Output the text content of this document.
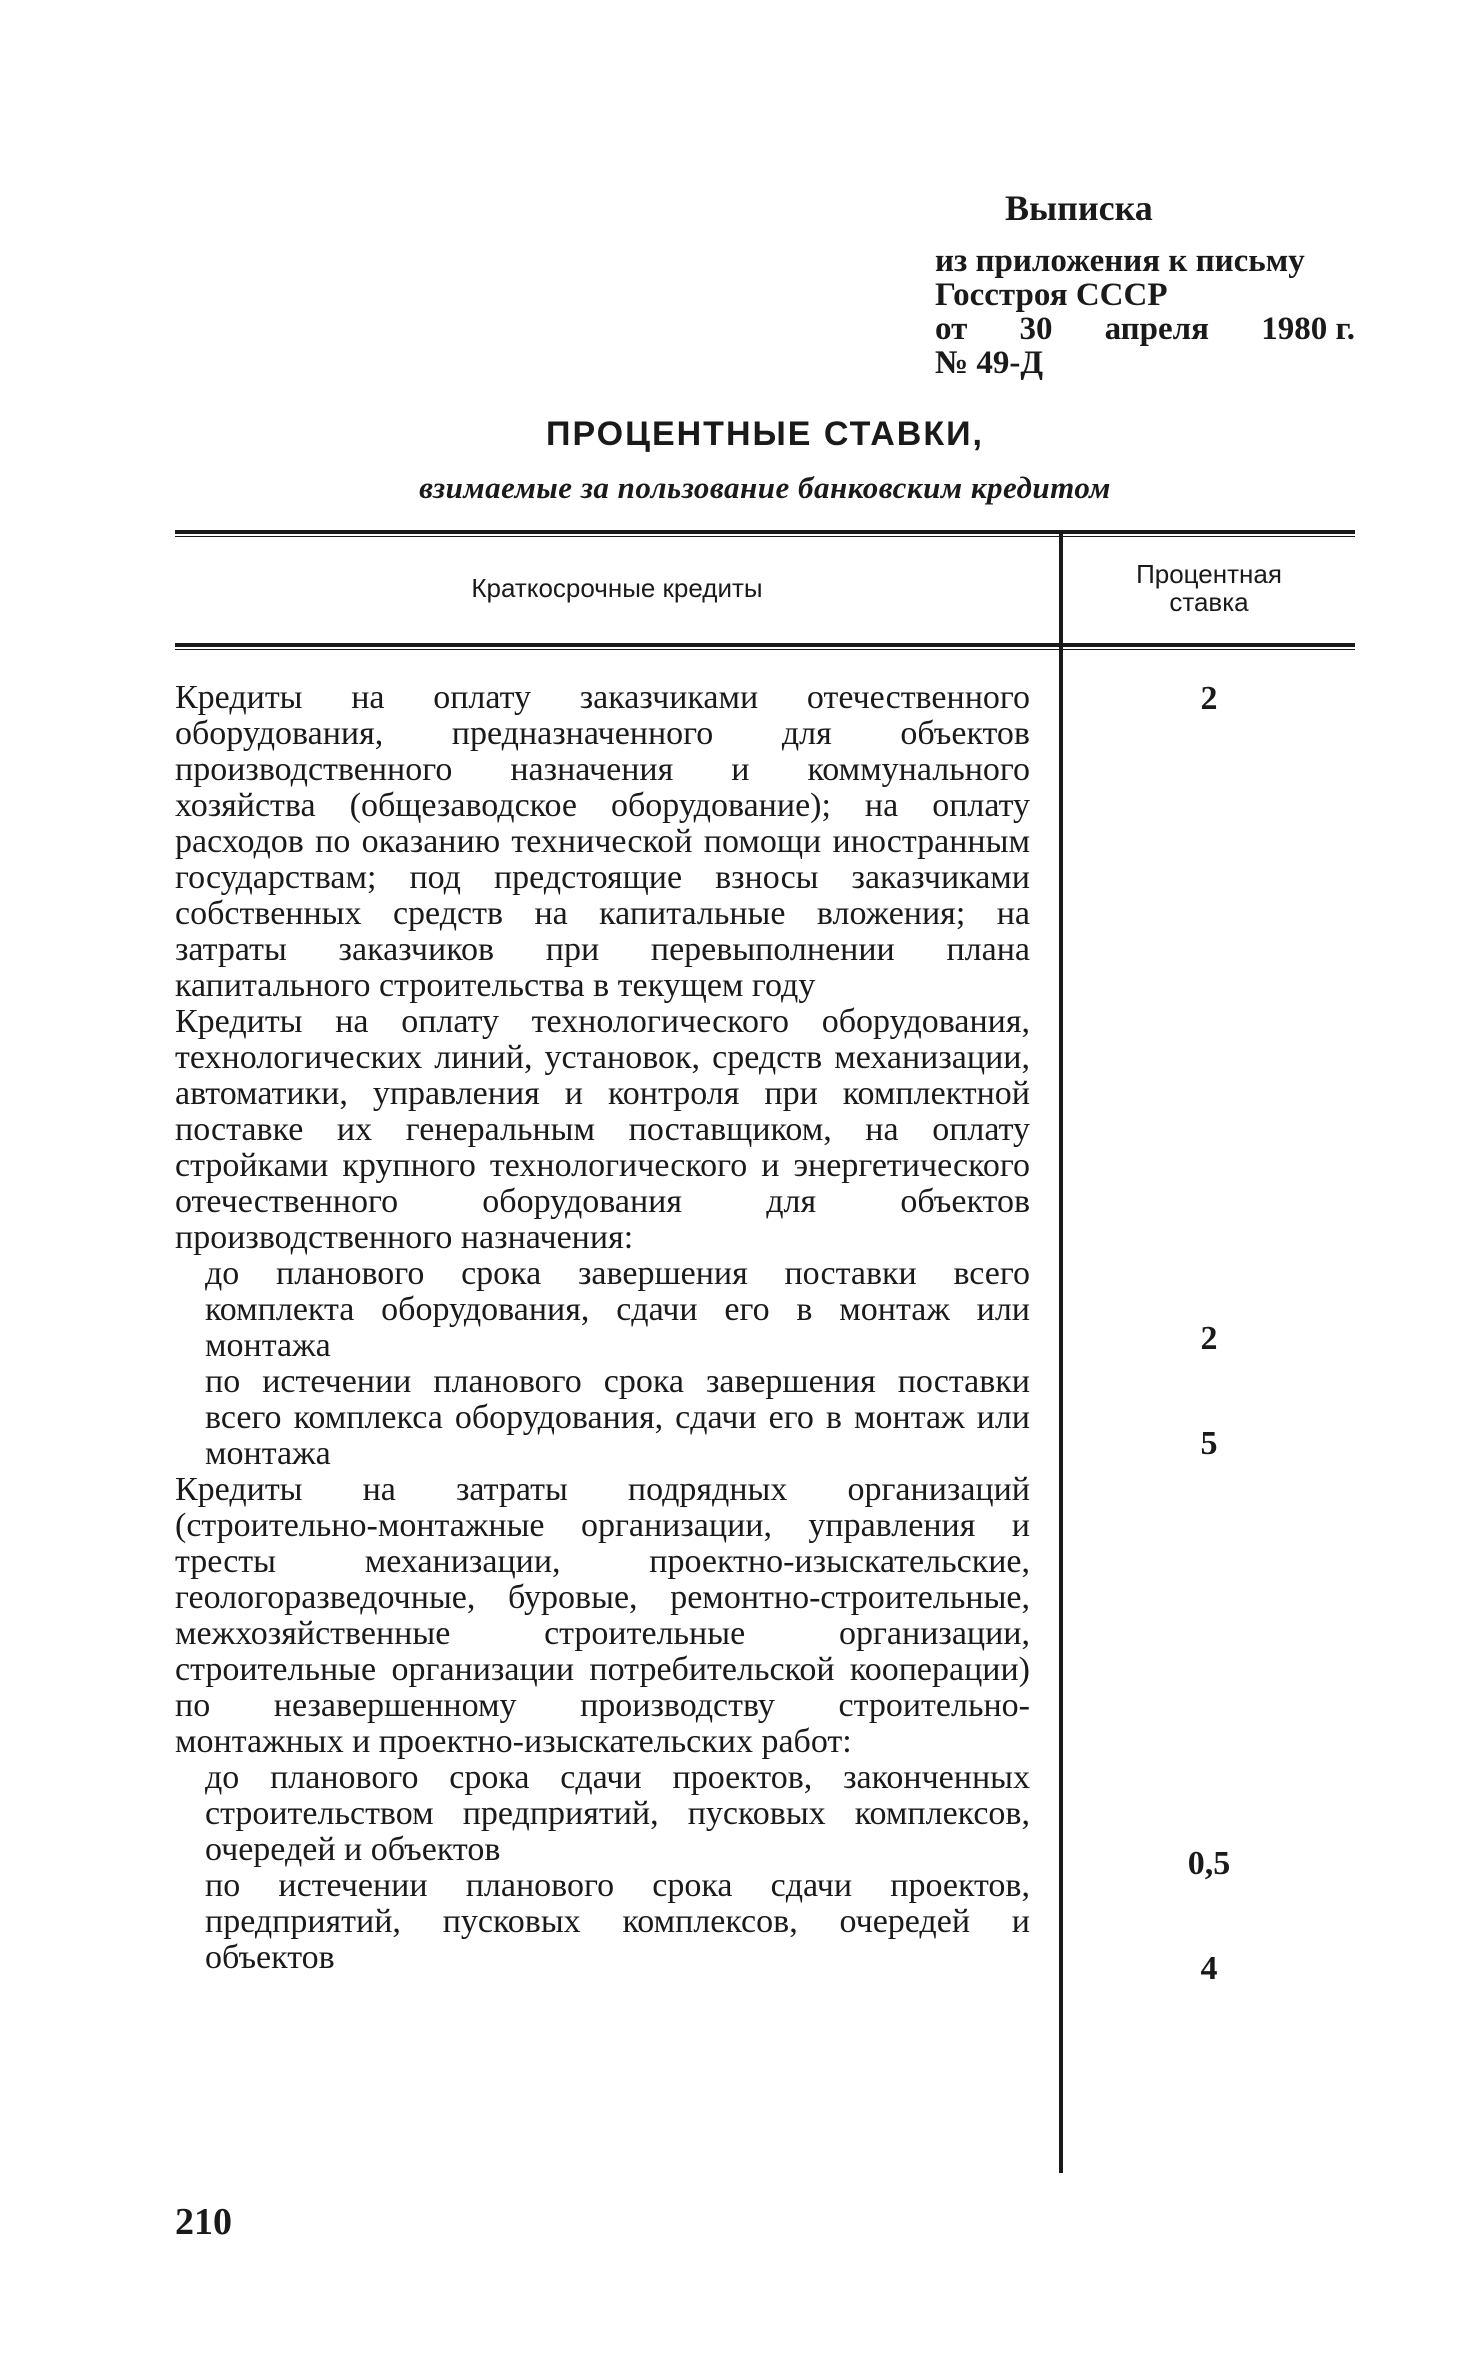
Выписка
из приложения к письму
Госстроя СССР
от 30 апреля 1980 г.
№ 49-Д
ПРОЦЕНТНЫЕ СТАВКИ,
взимаемые за пользование банковским кредитом
Краткосрочные кредиты	Процентная
ставка
Кредиты на оплату заказчиками отечественного оборудования, предназначенного для объектов производственного назначения и коммунального хозяйства (общезаводское оборудование); на оплату расходов по оказанию технической помощи иностранным государствам; под предстоящие взносы заказчиками собственных средств на капитальные вложения; на затраты заказчиков при перевыполнении плана капитального строительства в текущем году
Кредиты на оплату технологического оборудования, технологических линий, установок, средств механизации, автоматики, управления и контроля при комплектной поставке их генеральным поставщиком, на оплату стройками крупного технологического и энергетического отечественного оборудования для объектов производственного назначения:
до планового срока завершения поставки всего комплекта оборудования, сдачи его в монтаж или монтажа
по истечении планового срока завершения поставки всего комплекса оборудования, сдачи его в монтаж или монтажа
Кредиты на затраты подрядных организаций (строительно-монтажные организации, управления и тресты механизации, проектно-изыскательские, геологоразведочные, буровые, ремонтно-строительные, межхозяйственные строительные организации, строительные организации потребительской кооперации) по незавершенному производству строительно-монтажных и проектно-изыскательских работ:
до планового срока сдачи проектов, законченных строительством предприятий, пусковых комплексов, очередей и объектов
по истечении планового срока сдачи проектов, предприятий, пусковых комплексов, очередей и объектов
2
2
5
0,5
4
210
